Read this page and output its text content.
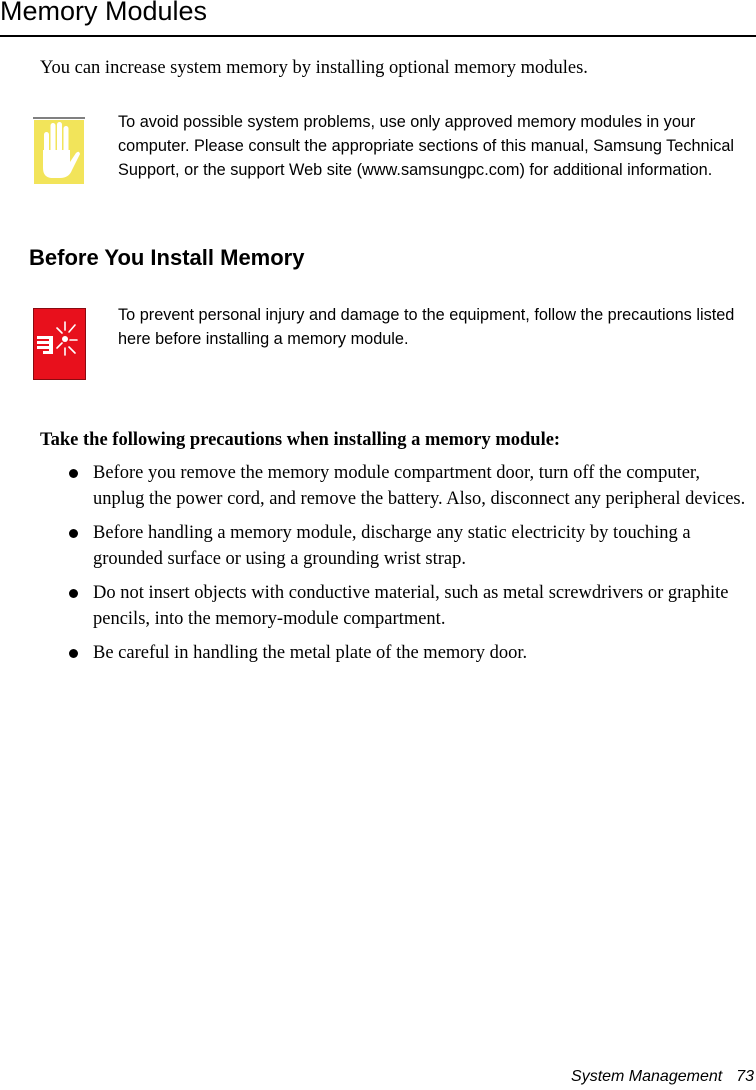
Memory Modules
You can increase system memory by installing optional memory modules.
To avoid possible system problems, use only approved memory modules in your computer. Please consult the appropriate sections of this manual, Samsung Technical Support, or the support Web site (www.samsungpc.com) for additional information.
Before You Install Memory
To prevent personal injury and damage to the equipment, follow the precautions listed here before installing a memory module.
Take the following precautions when installing a memory module:
Before you remove the memory module compartment door, turn off the computer, unplug the power cord, and remove the battery. Also, disconnect any peripheral devices.
Before handling a memory module, discharge any static electricity by touching a grounded surface or using a grounding wrist strap.
Do not insert objects with conductive material, such as metal screwdrivers or graphite pencils, into the memory-module compartment.
Be careful in handling the metal plate of the memory door.
System Management 73
